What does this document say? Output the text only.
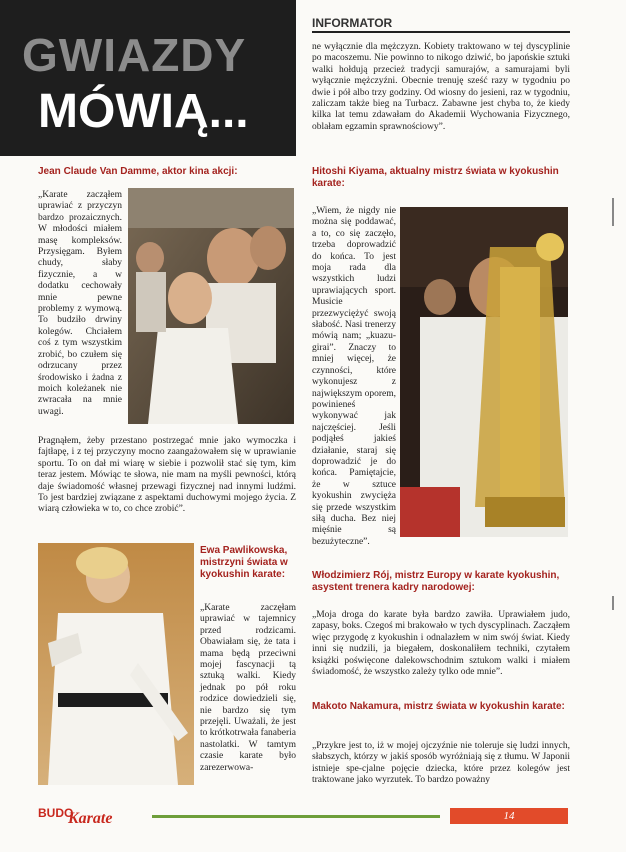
GWIAZDY
MÓWIĄ...
INFORMATOR

ne wyłącznie dla mężczyzn. Kobiety traktowano w tej dyscyplinie po macoszemu. Nie powinno to nikogo dziwić, bo japońskie sztuki walki hołdują przecież tradycji samurajów, a samurajami byli wyłącznie mężczyźni. Obecnie trenuję sześć razy w tygodniu po dwie i pół albo trzy godziny. Od wiosny do jesieni, raz w tygodniu, zaliczam także bieg na Turbacz. Zabawne jest chyba to, że kiedy kilka lat temu zdawałam do Akademii Wychowania Fizycznego, oblałam egzamin sprawnościowy”.

Jean Claude Van Damme, aktor kina akcji:

„Karate zacząłem uprawiać z przyczyn bardzo prozaicznych. W młodości miałem masę kompleksów. Przysięgam. Byłem chudy, słaby fizycznie, a w dodatku cechowały mnie pewne problemy z wymową. To budziło drwiny kolegów. Chciałem coś z tym wszystkim zrobić, bo czułem się odrzucany przez środowisko i żadna z moich koleżanek nie zwracała na mnie uwagi.

Pragnąłem, żeby przestano postrzegać mnie jako wymoczka i fajtłapę, i z tej przyczyny mocno zaangażowałem się w uprawianie sportu. To on dał mi wiarę w siebie i pozwolił stać się tym, kim teraz jestem. Mówiąc te słowa, nie mam na myśli pewności, którą daje świadomość własnej przewagi fizycznej nad innymi ludźmi. To jest bardziej związane z aspektami duchowymi mojego życia. Z wiarą człowieka w to, co chce zrobić”.

Hitoshi Kiyama, aktualny mistrz świata w kyokushin karate:

„Wiem, że nigdy nie można się poddawać, a to, co się zaczęło, trzeba doprowadzić do końca. To jest moja rada dla wszystkich ludzi uprawiających sport. Musicie przezwyciężyć swoją słabość. Nasi trenerzy mówią nam; „kuazu-girai”. Znaczy to mniej więcej, że czynności, które wykonujesz z największym oporem, powinieneś wykonywać jak najczęściej. Jeśli podjąłeś jakieś działanie, staraj się doprowadzić je do końca. Pamiętajcie, że w sztuce kyokushin zwycięża się przede wszystkim siłą ducha. Bez niej mięśnie są bezużyteczne”.

Ewa Pawlikowska, mistrzyni świata w kyokushin karate:

„Karate zaczęłam uprawiać w tajemnicy przed rodzicami. Obawiałam się, że tata i mama będą przeciwni mojej fascynacji tą sztuką walki. Kiedy jednak po pół roku rodzice dowiedzieli się, nie bardzo się tym przejęli. Uważali, że jest to krótkotrwała fanaberia nastolatki. W tamtym czasie karate było zarezerwowa-

Włodzimierz Rój, mistrz Europy w karate kyokushin, asystent trenera kadry narodowej:

„Moja droga do karate była bardzo zawiła. Uprawiałem judo, zapasy, boks. Czegoś mi brakowało w tych dyscyplinach. Zacząłem więc przygodę z kyokushin i odnalazłem w nim swój świat. Kiedy inni się nudzili, ja biegałem, doskonaliłem techniki, czytałem książki poświęcone dalekowschodnim sztukom walki i miałem świadomość, że wszystko zależy tylko ode mnie”.

Makoto Nakamura, mistrz świata w kyokushin karate:

„Przykre jest to, iż w mojej ojczyźnie nie toleruje się ludzi innych, słabszych, którzy w jakiś sposób wyróżniają się z tłumu. W Japonii istnieje spe-cjalne pojęcie dziecka, które przez kolegów jest traktowane jako wyrzutek. To bardzo poważny

BUDO
Karate	14
